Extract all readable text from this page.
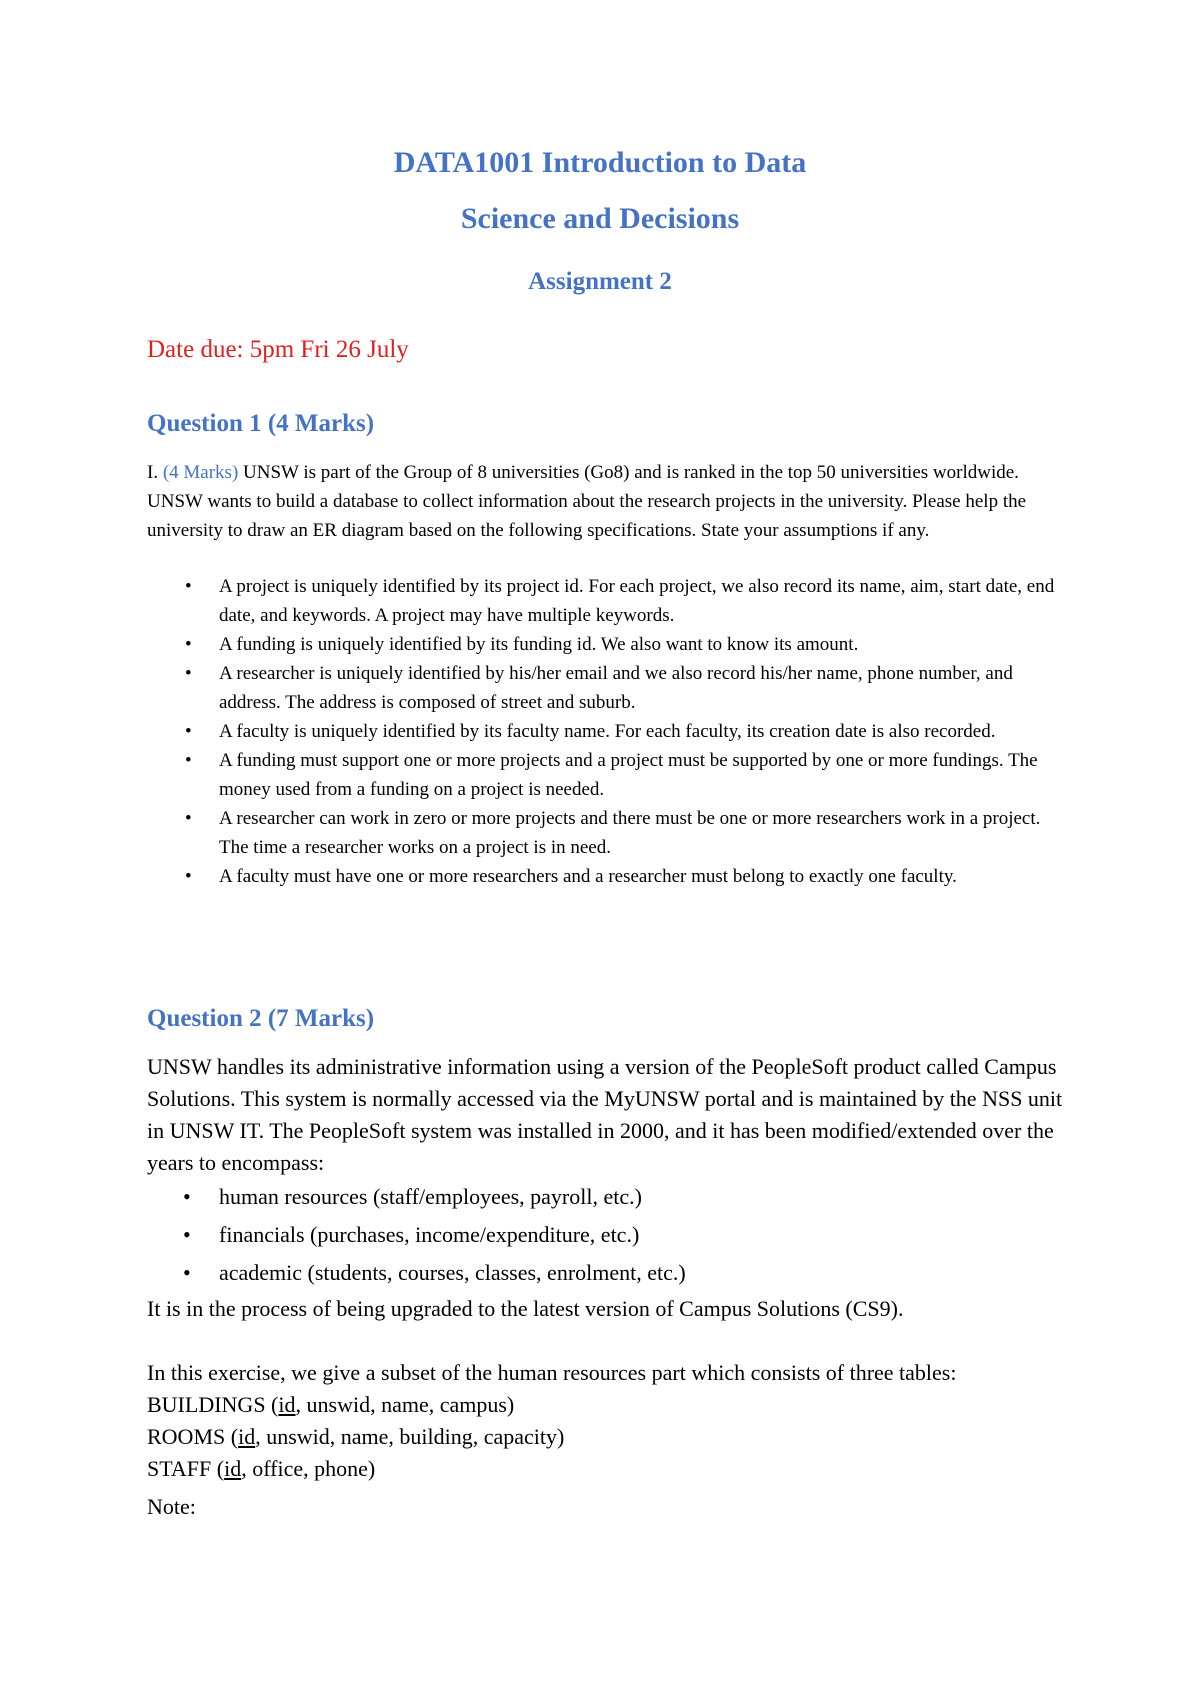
DATA1001 Introduction to Data
Science and Decisions
Assignment 2

Date due: 5pm Fri 26 July

Question 1 (4 Marks)

I. (4 Marks) UNSW is part of the Group of 8 universities (Go8) and is ranked in the top 50 universities worldwide. UNSW wants to build a database to collect information about the research projects in the university. Please help the university to draw an ER diagram based on the following specifications. State your assumptions if any.

• A project is uniquely identified by its project id. For each project, we also record its name, aim, start date, end date, and keywords. A project may have multiple keywords.
• A funding is uniquely identified by its funding id. We also want to know its amount.
• A researcher is uniquely identified by his/her email and we also record his/her name, phone number, and address. The address is composed of street and suburb.
• A faculty is uniquely identified by its faculty name. For each faculty, its creation date is also recorded.
• A funding must support one or more projects and a project must be supported by one or more fundings. The money used from a funding on a project is needed.
• A researcher can work in zero or more projects and there must be one or more researchers work in a project. The time a researcher works on a project is in need.
• A faculty must have one or more researchers and a researcher must belong to exactly one faculty.
Question 2 (7 Marks)

UNSW handles its administrative information using a version of the PeopleSoft product called Campus Solutions. This system is normally accessed via the MyUNSW portal and is maintained by the NSS unit in UNSW IT. The PeopleSoft system was installed in 2000, and it has been modified/extended over the years to encompass:

• human resources (staff/employees, payroll, etc.)
• financials (purchases, income/expenditure, etc.)
• academic (students, courses, classes, enrolment, etc.)

It is in the process of being upgraded to the latest version of Campus Solutions (CS9).

In this exercise, we give a subset of the human resources part which consists of three tables:

BUILDINGS (id, unswid, name, campus)

ROOMS (id, unswid, name, building, capacity)

STAFF (id, office, phone)

Note:
